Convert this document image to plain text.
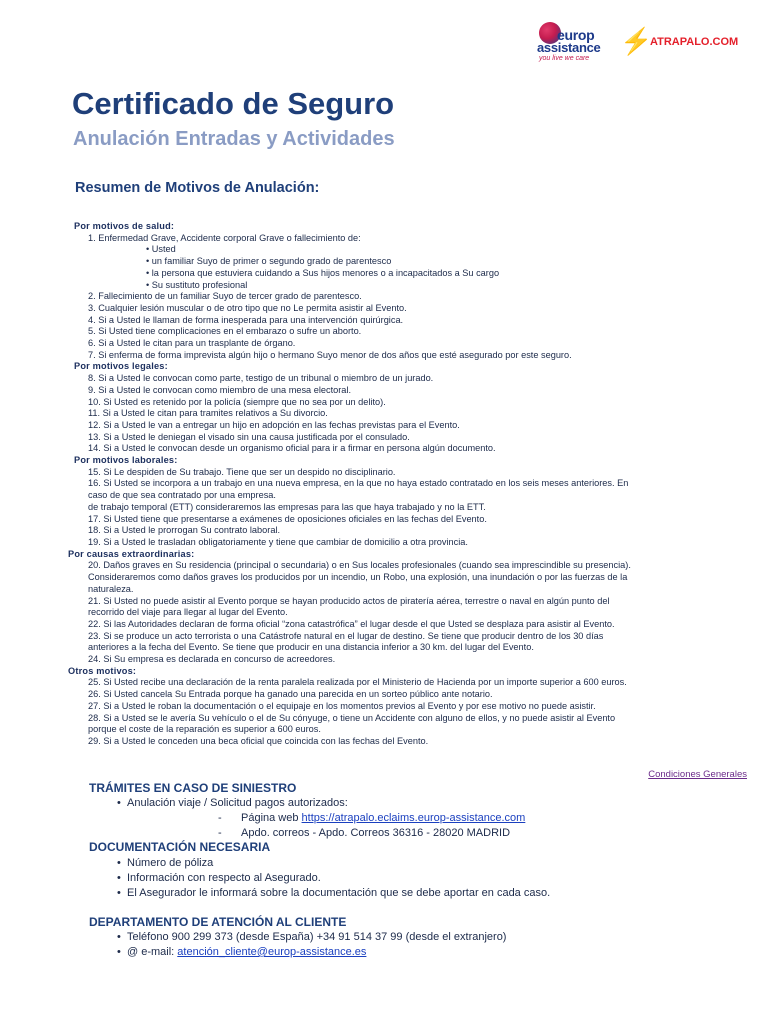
europ
assistance
you live we care
⚡
ATRAPALO.COM
Certificado de Seguro
Anulación Entradas y Actividades
Resumen de Motivos de Anulación:
Por motivos de salud:
1. Enfermedad Grave, Accidente corporal Grave o fallecimiento de:
• Usted
• un familiar Suyo de primer o segundo grado de parentesco
• la persona que estuviera cuidando a Sus hijos menores o a incapacitados a Su cargo
• Su sustituto profesional
2. Fallecimiento de un familiar Suyo de tercer grado de parentesco.
3. Cualquier lesión muscular o de otro tipo que no Le permita asistir al Evento.
4. Si a Usted le llaman de forma inesperada para una intervención quirúrgica.
5. Si Usted tiene complicaciones en el embarazo o sufre un aborto.
6. Si a Usted le citan para un trasplante de órgano.
7. Si enferma de forma imprevista algún hijo o hermano Suyo menor de dos años que esté asegurado por este seguro.
Por motivos legales:
8. Si a Usted le convocan como parte, testigo de un tribunal o miembro de un jurado.
9. Si a Usted le convocan como miembro de una mesa electoral.
10. Si Usted es retenido por la policía (siempre que no sea por un delito).
11. Si a Usted le citan para tramites relativos a Su divorcio.
12. Si a Usted le van a entregar un hijo en adopción en las fechas previstas para el Evento.
13. Si a Usted le deniegan el visado sin una causa justificada por el consulado.
14. Si a Usted le convocan desde un organismo oficial para ir a firmar en persona algún documento.
Por motivos laborales:
15. Si Le despiden de Su trabajo. Tiene que ser un despido no disciplinario.
16. Si Usted se incorpora a un trabajo en una nueva empresa, en la que no haya estado contratado en los seis meses anteriores. En
caso de que sea contratado por una empresa.
de trabajo temporal (ETT) consideraremos las empresas para las que haya trabajado y no la ETT.
17. Si Usted tiene que presentarse a exámenes de oposiciones oficiales en las fechas del Evento.
18. Si a Usted le prorrogan Su contrato laboral.
19. Si a Usted le trasladan obligatoriamente y tiene que cambiar de domicilio a otra provincia.
Por causas extraordinarias:
20. Daños graves en Su residencia (principal o secundaria) o en Sus locales profesionales (cuando sea imprescindible su presencia).
Consideraremos como daños graves los producidos por un incendio, un Robo, una explosión, una inundación o por las fuerzas de la
naturaleza.
21. Si Usted no puede asistir al Evento porque se hayan producido actos de piratería aérea, terrestre o naval en algún punto del
recorrido del viaje para llegar al lugar del Evento.
22. Si las Autoridades declaran de forma oficial “zona catastrófica” el lugar desde el que Usted se desplaza para asistir al Evento.
23. Si se produce un acto terrorista o una Catástrofe natural en el lugar de destino. Se tiene que producir dentro de los 30 días
anteriores a la fecha del Evento. Se tiene que producir en una distancia inferior a 30 km. del lugar del Evento.
24. Si Su empresa es declarada en concurso de acreedores.
Otros motivos:
25. Si Usted recibe una declaración de la renta paralela realizada por el Ministerio de Hacienda por un importe superior a 600 euros.
26. Si Usted cancela Su Entrada porque ha ganado una parecida en un sorteo público ante notario.
27. Si a Usted le roban la documentación o el equipaje en los momentos previos al Evento y por ese motivo no puede asistir.
28. Si a Usted se le avería Su vehículo o el de Su cónyuge, o tiene un Accidente con alguno de ellos, y no puede asistir al Evento
porque el coste de la reparación es superior a 600 euros.
29. Si a Usted le conceden una beca oficial que coincida con las fechas del Evento.
Condiciones Generales
TRÁMITES EN CASO DE SINIESTRO
• Anulación viaje / Solicitud pagos autorizados:
- Página web https://atrapalo.eclaims.europ-assistance.com
- Apdo. correos - Apdo. Correos 36316 - 28020 MADRID
DOCUMENTACIÓN NECESARIA
• Número de póliza
• Información con respecto al Asegurado.
• El Asegurador le informará sobre la documentación que se debe aportar en cada caso.
DEPARTAMENTO DE ATENCIÓN AL CLIENTE
• Teléfono 900 299 373 (desde España) +34 91 514 37 99 (desde el extranjero)
• @ e-mail: atención_cliente@europ-assistance.es
